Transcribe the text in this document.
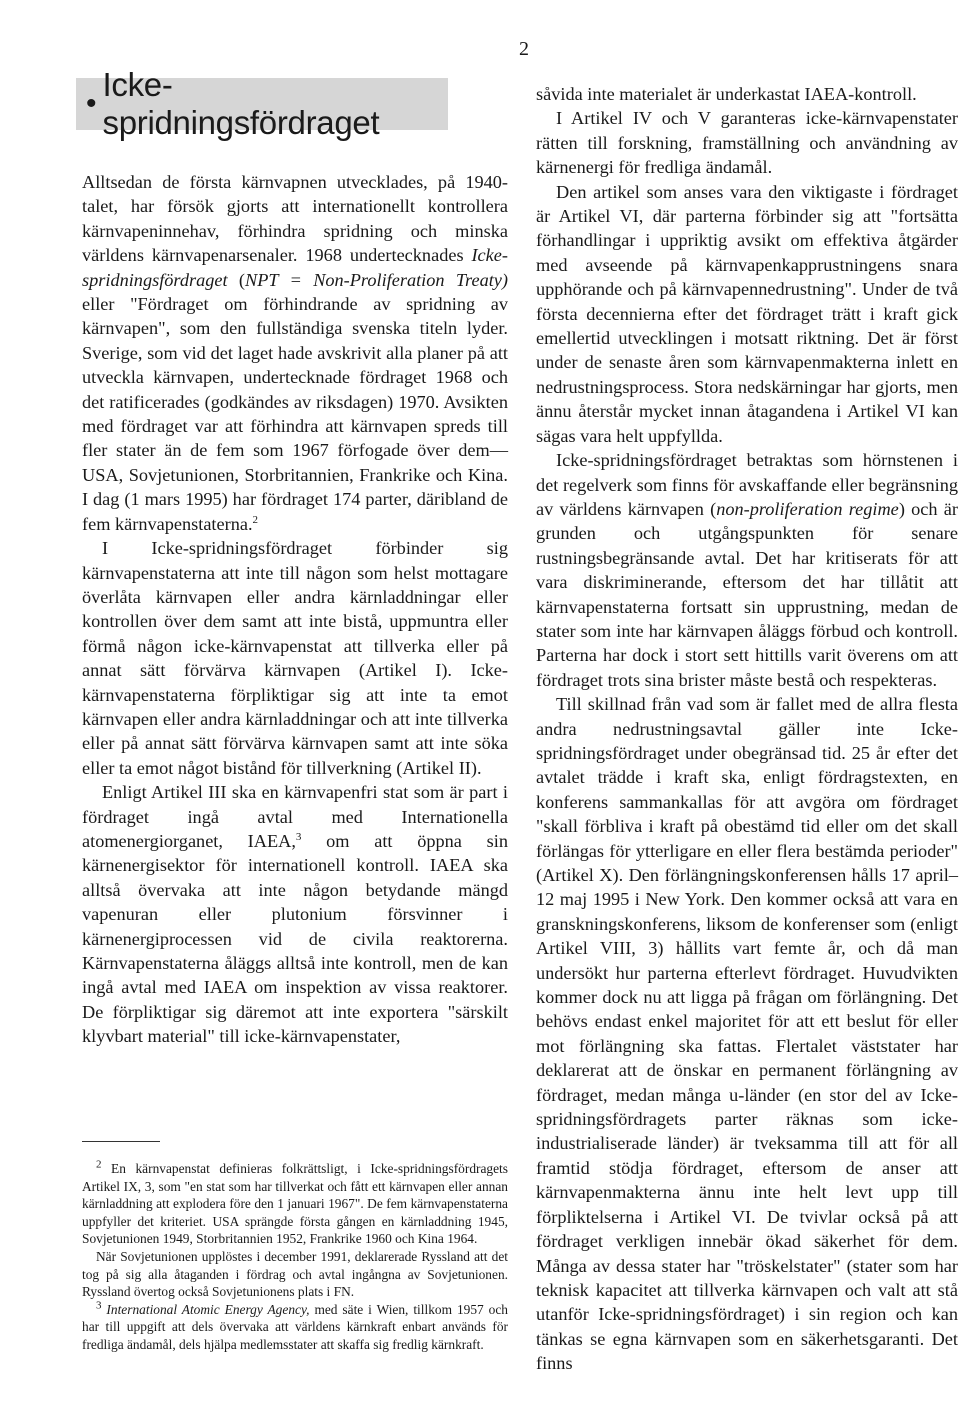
2
•
Icke-spridningsfördraget

Alltsedan de första kärnvapnen utvecklades, på 1940-talet, har försök gjorts att internationellt kontrollera kärnvapeninnehav, förhindra spridning och minska världens kärnvapenarsenaler. 1968 undertecknades Icke-spridningsfördraget (NPT = Non-Proliferation Treaty) eller "Fördraget om förhindrande av spridning av kärnvapen", som den fullständiga svenska titeln lyder. Sverige, som vid det laget hade avskrivit alla planer på att utveckla kärnvapen, undertecknade fördraget 1968 och det ratificerades (godkändes av riksdagen) 1970. Avsikten med fördraget var att förhindra att kärnvapen spreds till fler stater än de fem som 1967 förfogade över dem—USA, Sovjetunionen, Storbritannien, Frankrike och Kina. I dag (1 mars 1995) har fördraget 174 parter, däribland de fem kärnvapenstaterna.$^2$

I Icke-spridningsfördraget förbinder sig kärnvapenstaterna att inte till någon som helst mottagare överlåta kärnvapen eller andra kärnladdningar eller kontrollen över dem samt att inte bistå, uppmuntra eller förmå någon icke-kärnvapenstat att tillverka eller på annat sätt förvärva kärnvapen (Artikel I). Icke-kärnvapenstaterna förpliktigar sig att inte ta emot kärnvapen eller andra kärnladdningar och att inte tillverka eller på annat sätt förvärva kärnvapen samt att inte söka eller ta emot något bistånd för tillverkning (Artikel II).

Enligt Artikel III ska en kärnvapenfri stat som är part i fördraget ingå avtal med Internationella atomenergiorganet, IAEA,$^3$ om att öppna sin kärnenergisektor för internationell kontroll. IAEA ska alltså övervaka att inte någon betydande mängd vapenuran eller plutonium försvinner i kärnenergiprocessen vid de civila reaktorerna. Kärnvapenstaterna åläggs alltså inte kontroll, men de kan ingå avtal med IAEA om inspektion av vissa reaktorer. De förpliktigar sig däremot att inte exportera "särskilt klyvbart material" till icke-kärnvapenstater,

$^2$ En kärnvapenstat definieras folkrättsligt, i Icke-spridningsfördragets Artikel IX, 3, som "en stat som har tillverkat och fått ett kärnvapen eller annan kärnladdning att explodera före den 1 januari 1967". De fem kärnvapenstaterna uppfyller det kriteriet. USA sprängde första gången en kärnladdning 1945, Sovjetunionen 1949, Storbritannien 1952, Frankrike 1960 och Kina 1964.

När Sovjetunionen upplöstes i december 1991, deklarerade Ryssland att det tog på sig alla åtaganden i fördrag och avtal ingångna av Sovjetunionen. Ryssland övertog också Sovjetunionens plats i FN.

$^3$ International Atomic Energy Agency, med säte i Wien, tillkom 1957 och har till uppgift att dels övervaka att världens kärnkraft enbart används för fredliga ändamål, dels hjälpa medlemsstater att skaffa sig fredlig kärnkraft.

såvida inte materialet är underkastat IAEA-kontroll.

I Artikel IV och V garanteras icke-kärnvapenstater rätten till forskning, framställning och användning av kärnenergi för fredliga ändamål.

Den artikel som anses vara den viktigaste i fördraget är Artikel VI, där parterna förbinder sig att "fortsätta förhandlingar i uppriktig avsikt om effektiva åtgärder med avseende på kärnvapenkapprustningens snara upphörande och på kärnvapennedrustning". Under de två första decennierna efter det fördraget trätt i kraft gick emellertid utvecklingen i motsatt riktning. Det är först under de senaste åren som kärnvapenmakterna inlett en nedrustningsprocess. Stora nedskärningar har gjorts, men ännu återstår mycket innan åtagandena i Artikel VI kan sägas vara helt uppfyllda.

Icke-spridningsfördraget betraktas som hörnstenen i det regelverk som finns för avskaffande eller begränsning av världens kärnvapen (non-proliferation regime) och är grunden och utgångspunkten för senare rustningsbegränsande avtal. Det har kritiserats för att vara diskriminerande, eftersom det har tillåtit att kärnvapenstaterna fortsatt sin upprustning, medan de stater som inte har kärnvapen åläggs förbud och kontroll. Parterna har dock i stort sett hittills varit överens om att fördraget trots sina brister måste bestå och respekteras.

Till skillnad från vad som är fallet med de allra flesta andra nedrustningsavtal gäller inte Icke-spridningsfördraget under obegränsad tid. 25 år efter det avtalet trädde i kraft ska, enligt fördragstexten, en konferens sammankallas för att avgöra om fördraget "skall förbliva i kraft på obestämd tid eller om det skall förlängas för ytterligare en eller flera bestämda perioder" (Artikel X). Den förlängningskonferensen hålls 17 april–12 maj 1995 i New York. Den kommer också att vara en granskningskonferens, liksom de konferenser som (enligt Artikel VIII, 3) hållits vart femte år, och då man undersökt hur parterna efterlevt fördraget. Huvudvikten kommer dock nu att ligga på frågan om förlängning. Det behövs endast enkel majoritet för att ett beslut för eller mot förlängning ska fattas. Flertalet väststater har deklarerat att de önskar en permanent förlängning av fördraget, medan många u-länder (en stor del av Icke-spridningsfördragets parter räknas som icke-industrialiserade länder) är tveksamma till att för all framtid stödja fördraget, eftersom de anser att kärnvapenmakterna ännu inte helt levt upp till förpliktelserna i Artikel VI. De tvivlar också på att fördraget verkligen innebär ökad säkerhet för dem. Många av dessa stater har "tröskelstater" (stater som har teknisk kapacitet att tillverka kärnvapen och valt att stå utanför Icke-spridningsfördraget) i sin region och kan tänkas se egna kärnvapen som en säkerhetsgaranti. Det finns
